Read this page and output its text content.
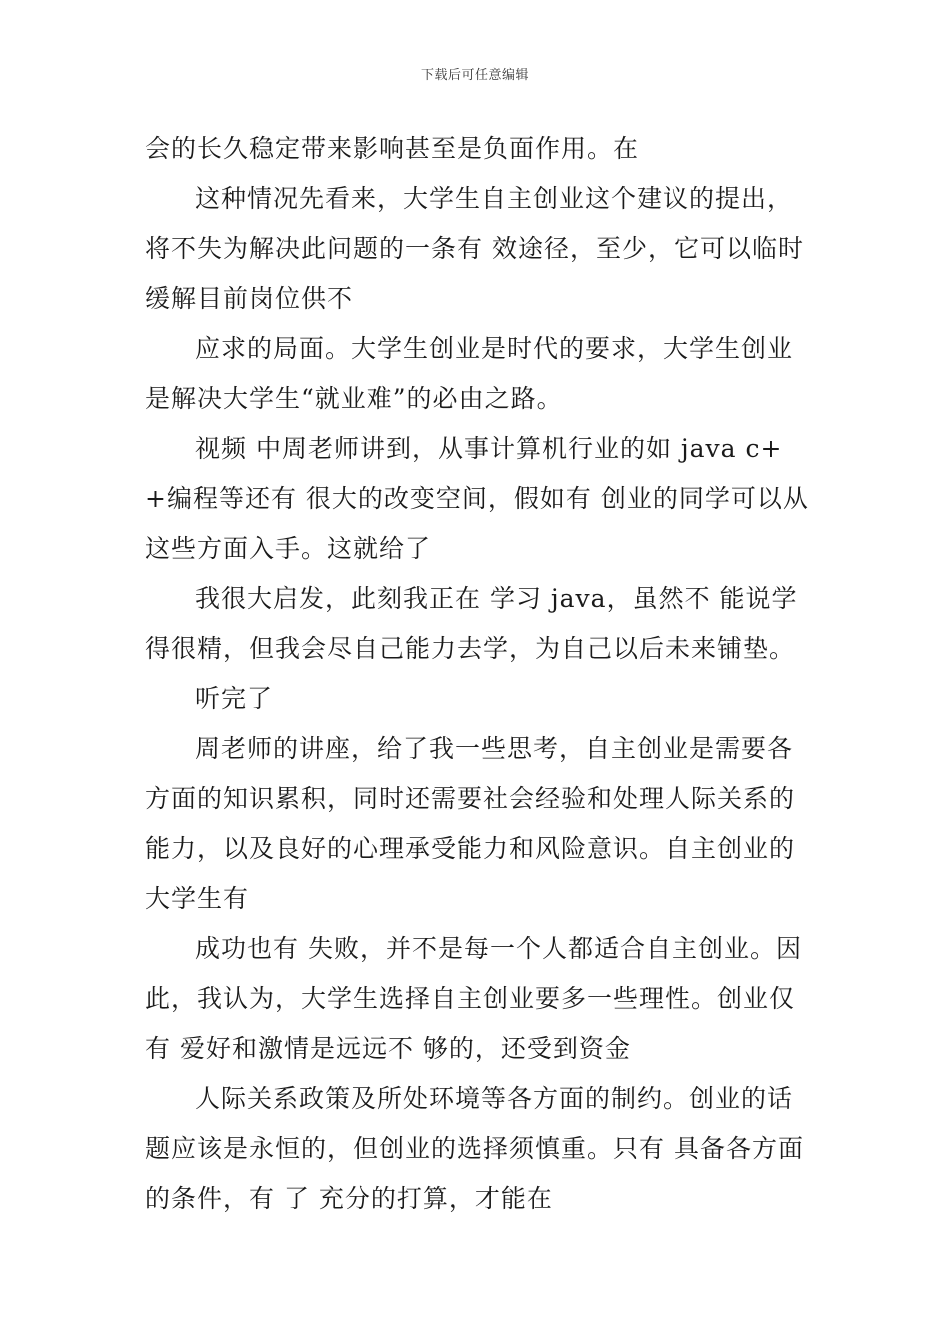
下载后可任意编辑

会的长久稳定带来影响甚至是负面作用。在

这种情况先看来，大学生自主创业这个建议的提出，将不失为解决此问题的一条有 效途径，至少，它可以临时缓解目前岗位供不

应求的局面。大学生创业是时代的要求，大学生创业是解决大学生“就业难”的必由之路。

视频 中周老师讲到，从事计算机行业的如 java c++编程等还有 很大的改变空间，假如有 创业的同学可以从这些方面入手。这就给了

我很大启发，此刻我正在 学习 java，虽然不 能说学得很精，但我会尽自己能力去学，为自己以后未来铺垫。

听完了

周老师的讲座，给了我一些思考，自主创业是需要各方面的知识累积，同时还需要社会经验和处理人际关系的能力，以及良好的心理承受能力和风险意识。自主创业的大学生有

成功也有 失败，并不是每一个人都适合自主创业。因此，我认为，大学生选择自主创业要多一些理性。创业仅有 爱好和激情是远远不 够的，还受到资金

人际关系政策及所处环境等各方面的制约。创业的话题应该是永恒的，但创业的选择须慎重。只有 具备各方面的条件，有 了 充分的打算，才能在
